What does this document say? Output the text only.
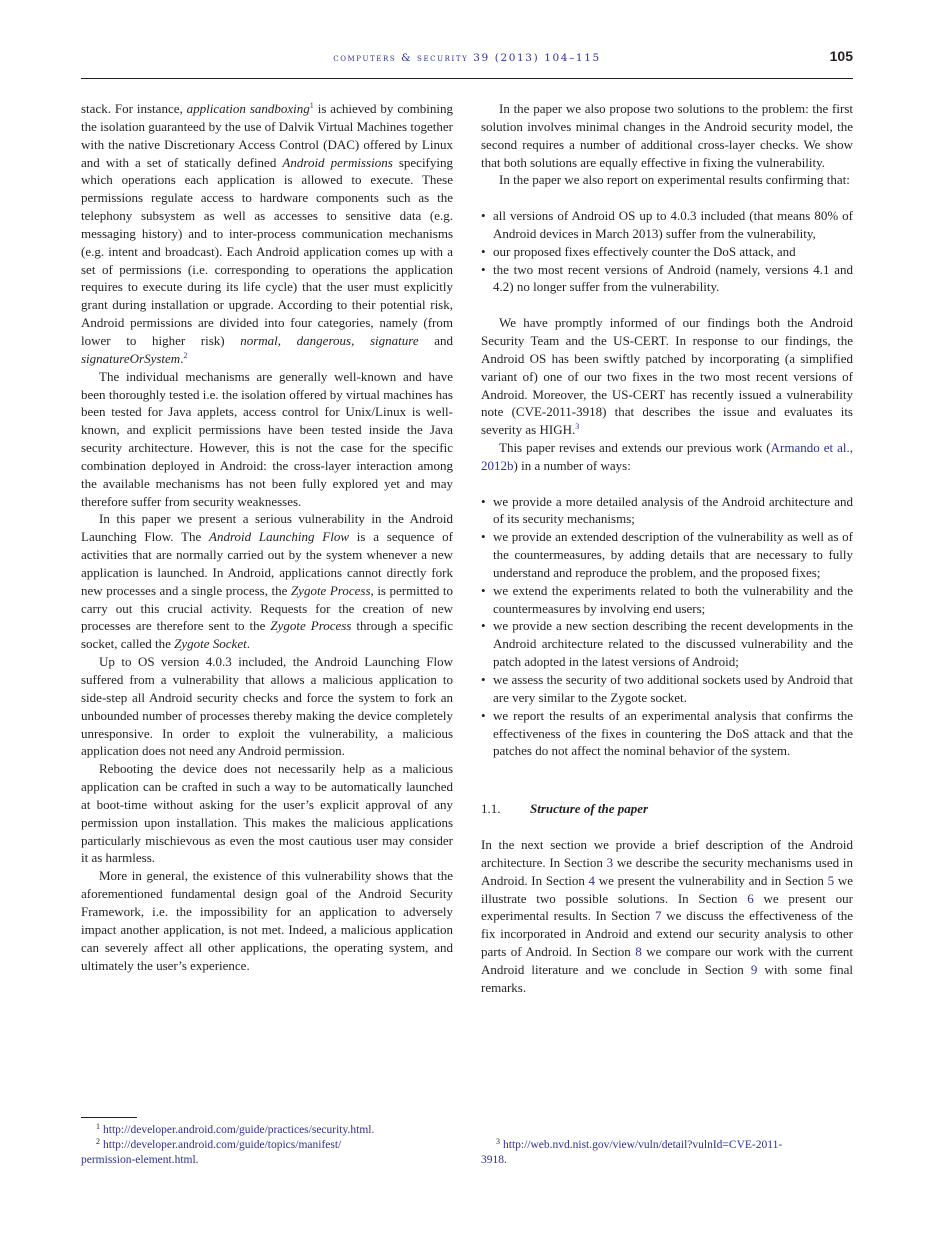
computers & security 39 (2013) 104–115	105

stack. For instance, application sandboxing$^1$ is achieved by combining the isolation guaranteed by the use of Dalvik Virtual Machines together with the native Discretionary Access Control (DAC) offered by Linux and with a set of statically defined Android permissions specifying which operations each application is allowed to execute. These permissions regulate access to hardware components such as the telephony subsystem as well as accesses to sensitive data (e.g. messaging history) and to inter-process communication mechanisms (e.g. intent and broadcast). Each Android application comes up with a set of permissions (i.e. corresponding to operations the application requires to execute during its life cycle) that the user must explicitly grant during installation or upgrade. According to their potential risk, Android permissions are divided into four categories, namely (from lower to higher risk) normal, dangerous, signature and signatureOrSystem.$^2$

The individual mechanisms are generally well-known and have been thoroughly tested i.e. the isolation offered by virtual machines has been tested for Java applets, access control for Unix/Linux is well-known, and explicit permissions have been tested inside the Java security architecture. However, this is not the case for the specific combination deployed in Android: the cross-layer interaction among the available mechanisms has not been fully explored yet and may therefore suffer from security weaknesses.

In this paper we present a serious vulnerability in the Android Launching Flow. The Android Launching Flow is a sequence of activities that are normally carried out by the system whenever a new application is launched. In Android, applications cannot directly fork new processes and a single process, the Zygote Process, is permitted to carry out this crucial activity. Requests for the creation of new processes are therefore sent to the Zygote Process through a specific socket, called the Zygote Socket.

Up to OS version 4.0.3 included, the Android Launching Flow suffered from a vulnerability that allows a malicious application to side-step all Android security checks and force the system to fork an unbounded number of processes thereby making the device completely unresponsive. In order to exploit the vulnerability, a malicious application does not need any Android permission.

Rebooting the device does not necessarily help as a malicious application can be crafted in such a way to be automatically launched at boot-time without asking for the user’s explicit approval of any permission upon installation. This makes the malicious applications particularly mischievous as even the most cautious user may consider it as harmless.

More in general, the existence of this vulnerability shows that the aforementioned fundamental design goal of the Android Security Framework, i.e. the impossibility for an application to adversely impact another application, is not met. Indeed, a malicious application can severely affect all other applications, the operating system, and ultimately the user’s experience.

In the paper we also propose two solutions to the problem: the first solution involves minimal changes in the Android security model, the second requires a number of additional cross-layer checks. We show that both solutions are equally effective in fixing the vulnerability.

In the paper we also report on experimental results confirming that:

• all versions of Android OS up to 4.0.3 included (that means 80% of Android devices in March 2013) suffer from the vulnerability,
• our proposed fixes effectively counter the DoS attack, and
• the two most recent versions of Android (namely, versions 4.1 and 4.2) no longer suffer from the vulnerability.

We have promptly informed of our findings both the Android Security Team and the US-CERT. In response to our findings, the Android OS has been swiftly patched by incorporating (a simplified variant of) one of our two fixes in the two most recent versions of Android. Moreover, the US-CERT has recently issued a vulnerability note (CVE-2011-3918) that describes the issue and evaluates its severity as HIGH.$^3$

This paper revises and extends our previous work (Armando et al., 2012b) in a number of ways:

• we provide a more detailed analysis of the Android architecture and of its security mechanisms;
• we provide an extended description of the vulnerability as well as of the countermeasures, by adding details that are necessary to fully understand and reproduce the problem, and the proposed fixes;
• we extend the experiments related to both the vulnerability and the countermeasures by involving end users;
• we provide a new section describing the recent developments in the Android architecture related to the discussed vulnerability and the patch adopted in the latest versions of Android;
• we assess the security of two additional sockets used by Android that are very similar to the Zygote socket.
• we report the results of an experimental analysis that confirms the effectiveness of the fixes in countering the DoS attack and that the patches do not affect the nominal behavior of the system.
1.1. Structure of the paper

In the next section we provide a brief description of the Android architecture. In Section 3 we describe the security mechanisms used in Android. In Section 4 we present the vulnerability and in Section 5 we illustrate two possible solutions. In Section 6 we present our experimental results. In Section 7 we discuss the effectiveness of the fix incorporated in Android and extend our security analysis to other parts of Android. In Section 8 we compare our work with the current Android literature and we conclude in Section 9 with some final remarks.

$^1$ http://developer.android.com/guide/practices/security.html.
$^2$ http://developer.android.com/guide/topics/manifest/
permission-element.html.
$^3$ http://web.nvd.nist.gov/view/vuln/detail?vulnId=CVE-2011-
3918.
